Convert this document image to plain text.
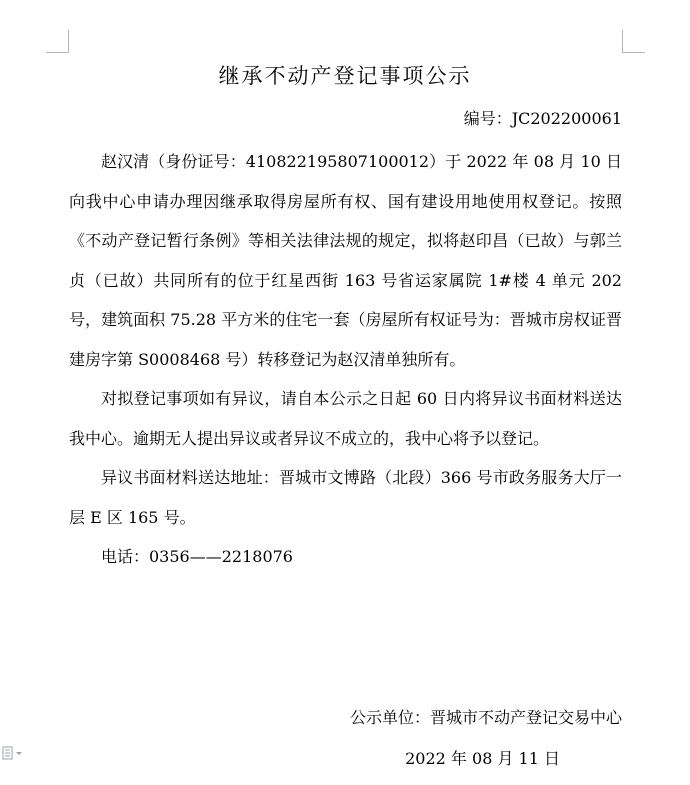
继承不动产登记事项公示
编号：JC202200061

赵汉清（身份证号：410822195807100012）于 2022 年 08 月 10 日向我中心申请办理因继承取得房屋所有权、国有建设用地使用权登记。按照《不动产登记暂行条例》等相关法律法规的规定，拟将赵印昌（已故）与郭兰贞（已故）共同所有的位于红星西街 163 号省运家属院 1#楼 4 单元 202 号，建筑面积 75.28 平方米的住宅一套（房屋所有权证号为：晋城市房权证晋建房字第 S0008468 号）转移登记为赵汉清单独所有。

对拟登记事项如有异议，请自本公示之日起 60 日内将异议书面材料送达我中心。逾期无人提出异议或者异议不成立的，我中心将予以登记。

异议书面材料送达地址：晋城市文博路（北段）366 号市政务服务大厅一层 E 区 165 号。

电话：0356——2218076

公示单位：晋城市不动产登记交易中心
2022 年 08 月 11 日
